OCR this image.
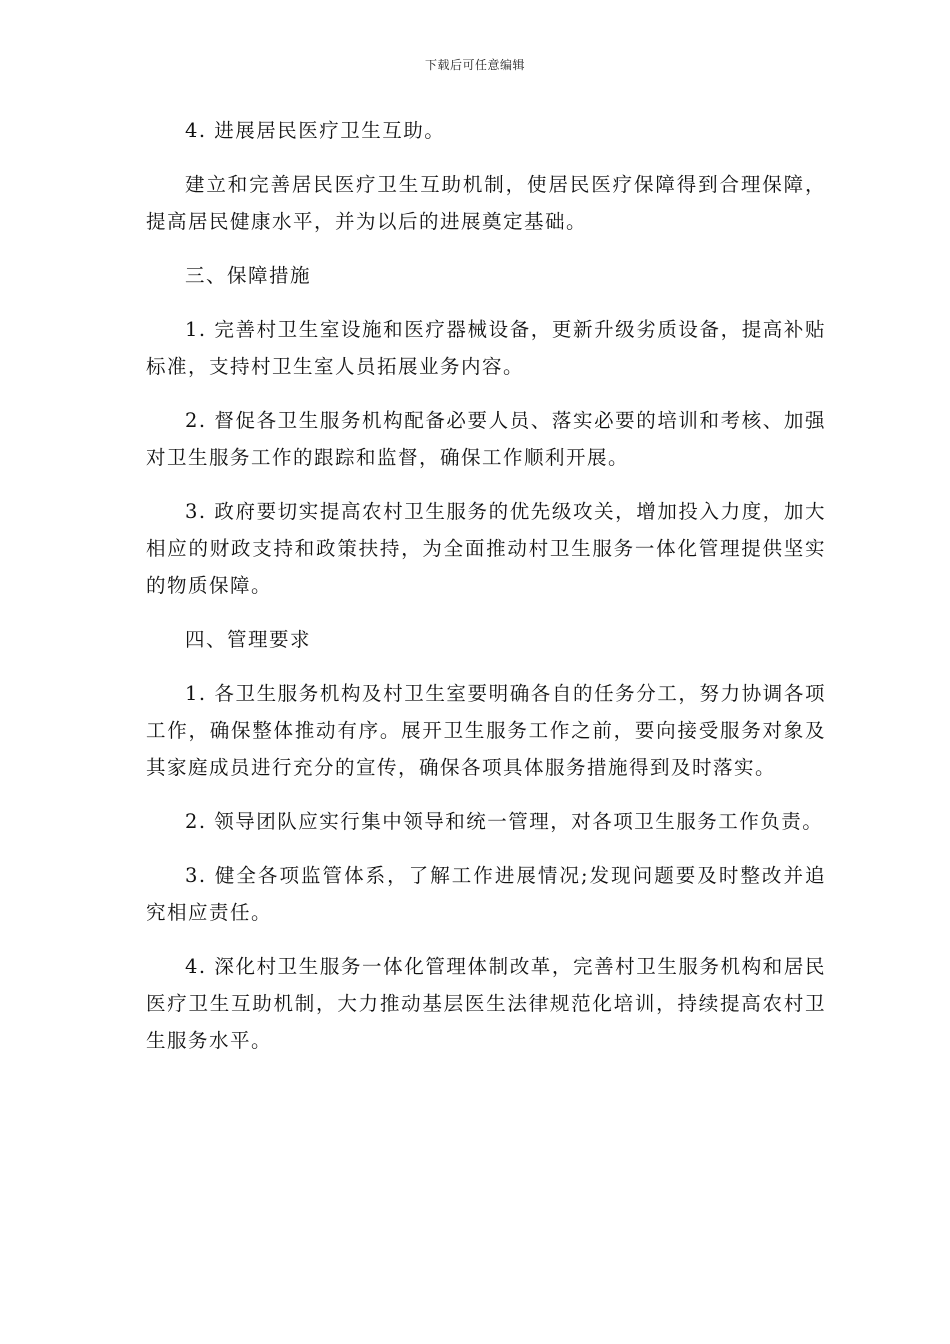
下载后可任意编辑

4. 进展居民医疗卫生互助。

建立和完善居民医疗卫生互助机制，使居民医疗保障得到合理保障，提高居民健康水平，并为以后的进展奠定基础。

三、保障措施

1. 完善村卫生室设施和医疗器械设备，更新升级劣质设备，提高补贴标准，支持村卫生室人员拓展业务内容。

2. 督促各卫生服务机构配备必要人员、落实必要的培训和考核、加强对卫生服务工作的跟踪和监督，确保工作顺利开展。

3. 政府要切实提高农村卫生服务的优先级攻关，增加投入力度，加大相应的财政支持和政策扶持，为全面推动村卫生服务一体化管理提供坚实的物质保障。

四、管理要求

1. 各卫生服务机构及村卫生室要明确各自的任务分工，努力协调各项工作，确保整体推动有序。展开卫生服务工作之前，要向接受服务对象及其家庭成员进行充分的宣传，确保各项具体服务措施得到及时落实。

2. 领导团队应实行集中领导和统一管理，对各项卫生服务工作负责。

3. 健全各项监管体系，了解工作进展情况;发现问题要及时整改并追究相应责任。

4. 深化村卫生服务一体化管理体制改革，完善村卫生服务机构和居民医疗卫生互助机制，大力推动基层医生法律规范化培训，持续提高农村卫生服务水平。
